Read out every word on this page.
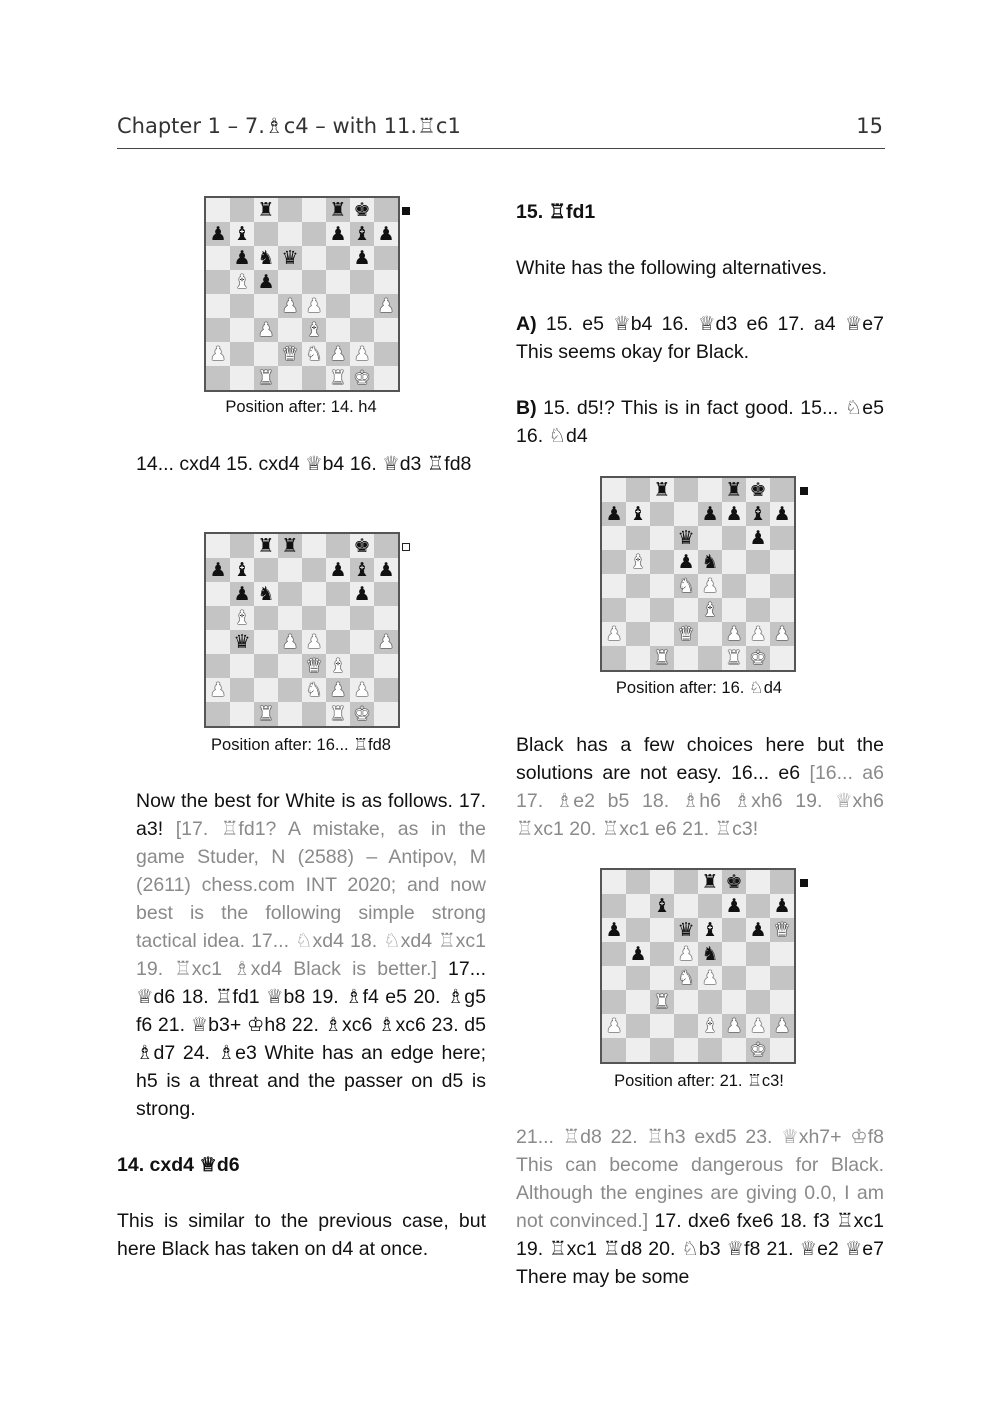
Chapter 1 – 7.♗c4 – with 11.♖c1	15
♜	♜ ♚
♟ ♝	♟ ♝ ♟
♟ ♞ ♛	♟
♝ ♟
♟ ♟	♟
♟ ♝
♟	♛ ♞ ♟ ♟
♜	♜ ♚
Position after: 14. h4
14... cxd4 15. cxd4 ♕b4 16. ♕d3 ♖fd8
♜ ♜	♚
♟ ♝	♟ ♝ ♟
♟ ♞	♟
♝
♛ ♟ ♟	♟
♛ ♝
♟	♞ ♟ ♟
♜	♜ ♚
Position after: 16... ♖fd8
Now the best for White is as follows. 17. a3! [17. ♖fd1? A mistake, as in the game Studer, N (2588) – Antipov, M (2611) chess.com INT 2020; and now best is the following simple strong tactical idea. 17... ♘xd4 18. ♘xd4 ♖xc1 19. ♖xc1 ♗xd4 Black is better.] 17... ♕d6 18. ♖fd1 ♕b8 19. ♗f4 e5 20. ♗g5 f6 21. ♕b3+ ♔h8 22. ♗xc6 ♗xc6 23. d5 ♗d7 24. ♗e3 White has an edge here; h5 is a threat and the passer on d5 is strong.
14. cxd4 ♕d6
This is similar to the previous case, but here Black has taken on d4 at once.
15. ♖fd1
White has the following alternatives.
A) 15. e5 ♕b4 16. ♕d3 e6 17. a4 ♕e7 This seems okay for Black.
B) 15. d5!? This is in fact good. 15... ♘e5 16. ♘d4
♜	♜ ♚
♟ ♝	♟ ♟ ♝ ♟
♛	♟
♝ ♟ ♞
♞ ♟
♝
♟	♛ ♟ ♟ ♟
♜	♜ ♚
Position after: 16. ♘d4
Black has a few choices here but the solutions are not easy. 16... e6 [16... a6 17. ♗e2 b5 18. ♗h6 ♗xh6 19. ♕xh6 ♖xc1 20. ♖xc1 e6 21. ♖c3!
♜ ♚
♝	♟ ♟
♟	♛ ♝ ♟ ♛
♟ ♟ ♞
♞ ♟
♜
♟	♝ ♟ ♟ ♟
♚
Position after: 21. ♖c3!
21... ♖d8 22. ♖h3 exd5 23. ♕xh7+ ♔f8 This can become dangerous for Black. Although the engines are giving 0.0, I am not convinced.] 17. dxe6 fxe6 18. f3 ♖xc1 19. ♖xc1 ♖d8 20. ♘b3 ♕f8 21. ♕e2 ♕e7 There may be some
